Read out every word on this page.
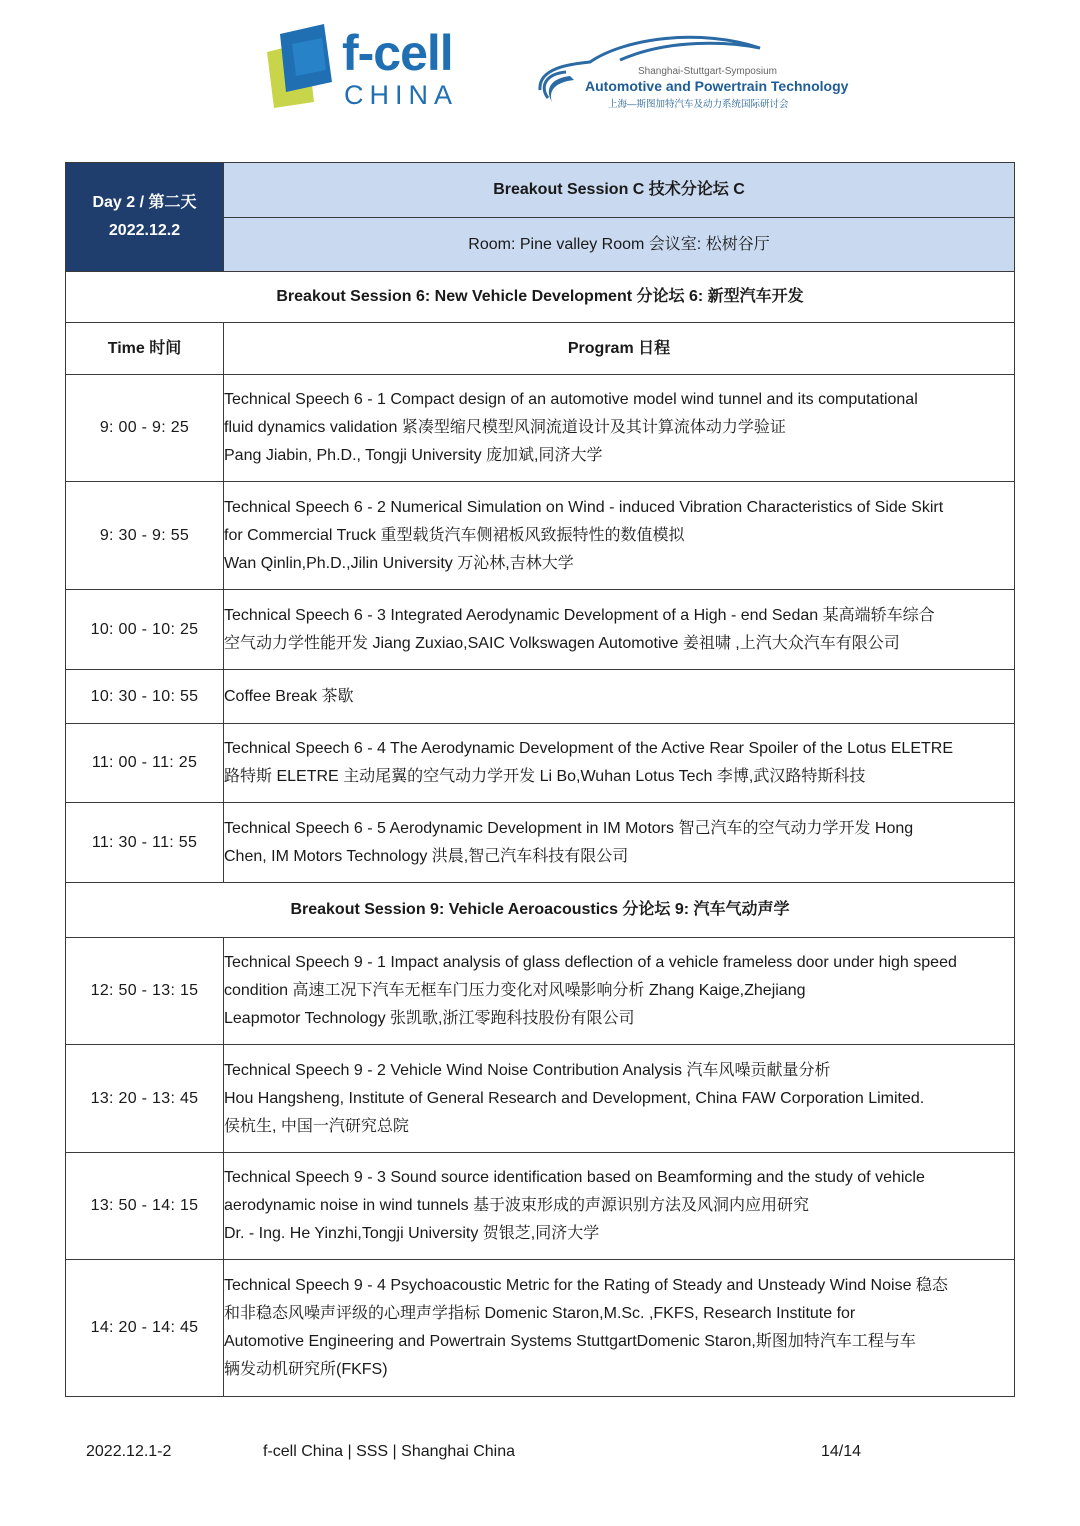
f-cell
CHINA
Shanghai-Stuttgart-Symposium
Automotive and Powertrain Technology
上海—斯图加特汽车及动力系统国际研讨会
Day 2 / 第二天
2022.12.2	Breakout Session C 技术分论坛 C
	Room: Pine valley Room 会议室: 松树谷厅
Breakout Session 6: New Vehicle Development 分论坛 6: 新型汽车开发	
Time 时间	Program 日程
9: 00 - 9: 25	Technical Speech 6 - 1 Compact design of an automotive model wind tunnel and its computational
fluid dynamics validation 紧凑型缩尺模型风洞流道设计及其计算流体动力学验证
Pang Jiabin, Ph.D., Tongji University 庞加斌,同济大学

9: 30 - 9: 55	Technical Speech 6 - 2 Numerical Simulation on Wind - induced Vibration Characteristics of Side Skirt
for Commercial Truck 重型载货汽车侧裙板风致振特性的数值模拟
Wan Qinlin,Ph.D.,Jilin University 万沁林,吉林大学

10: 00 - 10: 25	Technical Speech 6 - 3 Integrated Aerodynamic Development of a High - end Sedan 某高端轿车综合
空气动力学性能开发 Jiang Zuxiao,SAIC Volkswagen Automotive 姜祖啸 ,上汽大众汽车有限公司

10: 30 - 10: 55	Coffee Break 茶歇

11: 00 - 11: 25	Technical Speech 6 - 4 The Aerodynamic Development of the Active Rear Spoiler of the Lotus ELETRE
路特斯 ELETRE 主动尾翼的空气动力学开发 Li Bo,Wuhan Lotus Tech 李博,武汉路特斯科技

11: 30 - 11: 55	Technical Speech 6 - 5 Aerodynamic Development in IM Motors 智己汽车的空气动力学开发 Hong
Chen, IM Motors Technology 洪晨,智己汽车科技有限公司

Breakout Session 9: Vehicle Aeroacoustics 分论坛 9: 汽车气动声学	
12: 50 - 13: 15	Technical Speech 9 - 1 Impact analysis of glass deflection of a vehicle frameless door under high speed
condition 高速工况下汽车无框车门压力变化对风噪影响分析 Zhang Kaige,Zhejiang
Leapmotor Technology 张凯歌,浙江零跑科技股份有限公司

13: 20 - 13: 45	Technical Speech 9 - 2 Vehicle Wind Noise Contribution Analysis 汽车风噪贡献量分析
Hou Hangsheng, Institute of General Research and Development, China FAW Corporation Limited.
侯杭生, 中国一汽研究总院

13: 50 - 14: 15	Technical Speech 9 - 3 Sound source identification based on Beamforming and the study of vehicle
aerodynamic noise in wind tunnels 基于波束形成的声源识别方法及风洞内应用研究
Dr. - Ing. He Yinzhi,Tongji University 贺银芝,同济大学

14: 20 - 14: 45	Technical Speech 9 - 4 Psychoacoustic Metric for the Rating of Steady and Unsteady Wind Noise 稳态
和非稳态风噪声评级的心理声学指标 Domenic Staron,M.Sc. ,FKFS, Research Institute for
Automotive Engineering and Powertrain Systems StuttgartDomenic Staron,斯图加特汽车工程与车
辆发动机研究所(FKFS)
2022.12.1-2	f-cell China | SSS | Shanghai China	14/14
